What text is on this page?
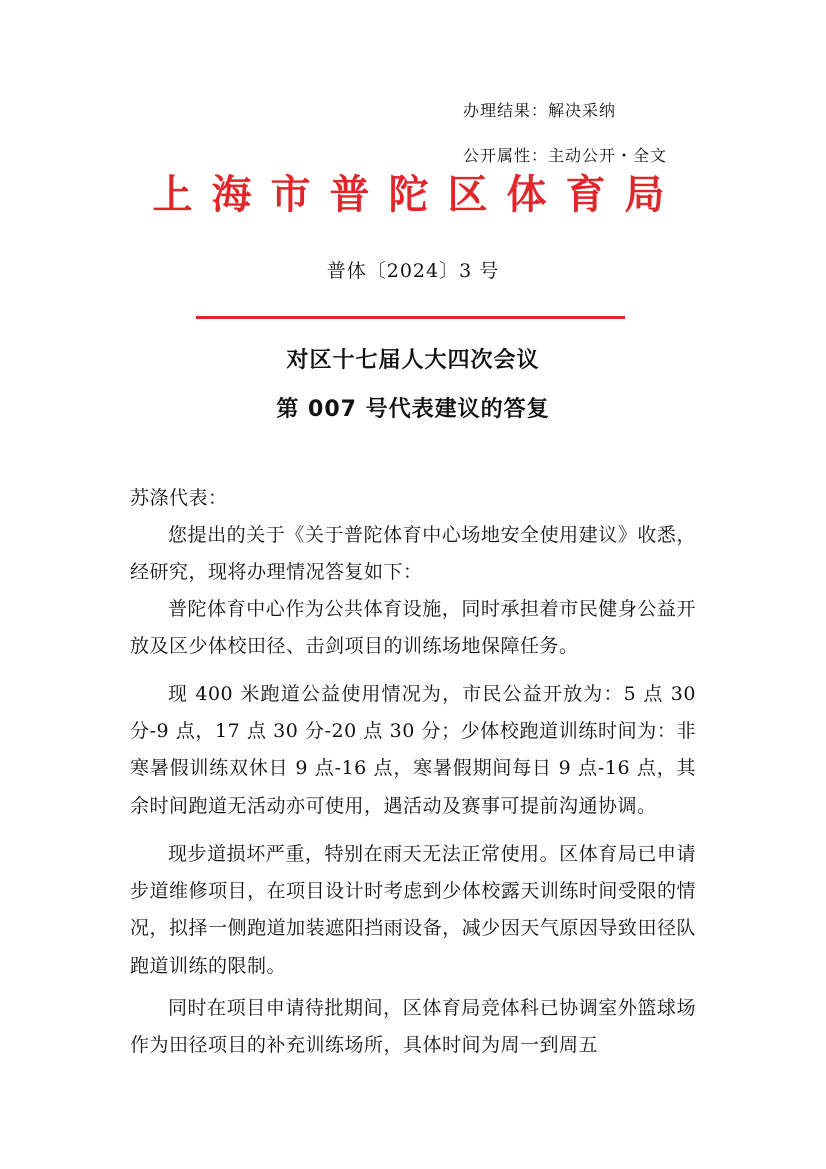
办理结果：解决采纳
公开属性：主动公开・全文
上海市普陀区体育局
普体〔2024〕3 号
对区十七届人大四次会议
第 007 号代表建议的答复
苏涤代表：
您提出的关于《关于普陀体育中心场地安全使用建议》收悉，经研究，现将办理情况答复如下：
普陀体育中心作为公共体育设施，同时承担着市民健身公益开放及区少体校田径、击剑项目的训练场地保障任务。
现 400 米跑道公益使用情况为，市民公益开放为：5 点 30 分-9 点，17 点 30 分-20 点 30 分；少体校跑道训练时间为：非寒暑假训练双休日 9 点-16 点，寒暑假期间每日 9 点-16 点，其余时间跑道无活动亦可使用，遇活动及赛事可提前沟通协调。
现步道损坏严重，特别在雨天无法正常使用。区体育局已申请步道维修项目，在项目设计时考虑到少体校露天训练时间受限的情况，拟择一侧跑道加装遮阳挡雨设备，减少因天气原因导致田径队跑道训练的限制。
同时在项目申请待批期间，区体育局竞体科已协调室外篮球场作为田径项目的补充训练场所，具体时间为周一到周五
